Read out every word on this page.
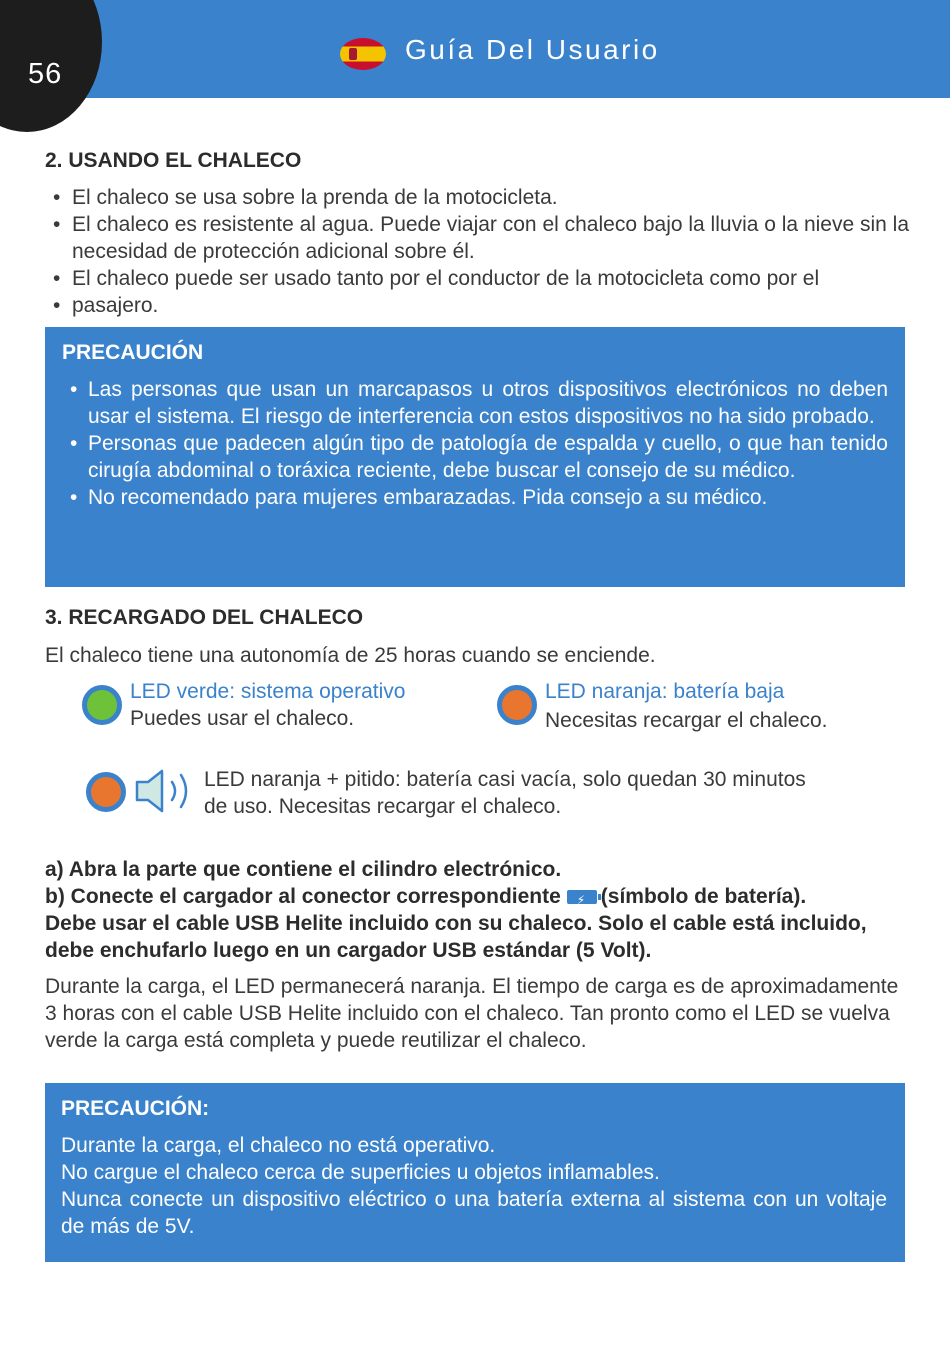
56
Guía Del Usuario
2. USANDO EL CHALECO
• El chaleco se usa sobre la prenda de la motocicleta.
• El chaleco es resistente al agua. Puede viajar con el chaleco bajo la lluvia o la nieve sin la necesidad de protección adicional sobre él.
• El chaleco puede ser usado tanto por el conductor de la motocicleta como por el
• pasajero.
PRECAUCIÓN
• Las personas que usan un marcapasos u otros dispositivos electrónicos no deben usar el sistema. El riesgo de interferencia con estos dispositivos no ha sido probado.
• Personas que padecen algún tipo de patología de espalda y cuello, o que han tenido cirugía abdominal o toráxica reciente, debe buscar el consejo de su médico.
• No recomendado para mujeres embarazadas. Pida consejo a su médico.
3. RECARGADO DEL CHALECO

El chaleco tiene una autonomía de 25 horas cuando se enciende.

LED verde: sistema operativo
Puedes usar el chaleco.
LED naranja: batería baja
Necesitas recargar el chaleco.

LED naranja + pitido: batería casi vacía, solo quedan 30 minutos

de uso. Necesitas recargar el chaleco.

a) Abra la parte que contiene el cilindro electrónico.

b) Conecte el cargador al conector correspondiente ⚡ (símbolo de batería).

Debe usar el cable USB Helite incluido con su chaleco. Solo el cable está incluido, debe enchufarlo luego en un cargador USB estándar (5 Volt).

Durante la carga, el LED permanecerá naranja. El tiempo de carga es de aproximadamente 3 horas con el cable USB Helite incluido con el chaleco. Tan pronto como el LED se vuelva verde la carga está completa y puede reutilizar el chaleco.

PRECAUCIÓN:

Durante la carga, el chaleco no está operativo.

No cargue el chaleco cerca de superficies u objetos inflamables.

Nunca conecte un dispositivo eléctrico o una batería externa al sistema con un voltaje de más de 5V.
